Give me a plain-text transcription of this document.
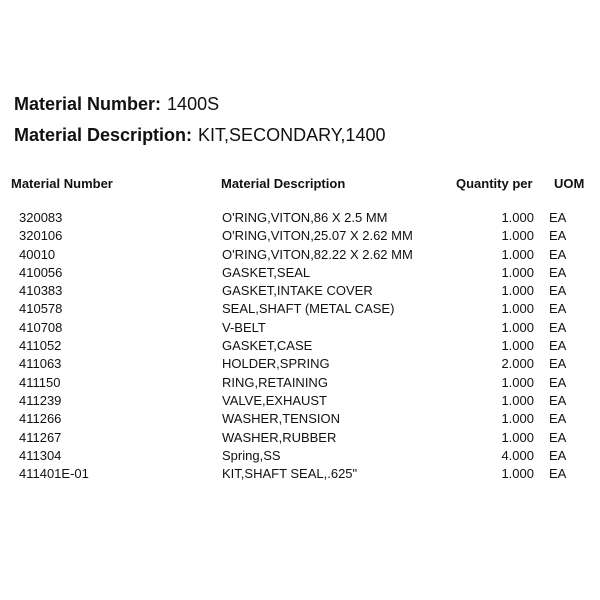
Material Number: 1400S
Material Description: KIT,SECONDARY,1400
Material Number	Material Description	Quantity per UOM
320083	O'RING,VITON,86 X 2.5 MM	1.000 EA
320106	O'RING,VITON,25.07 X 2.62 MM	1.000 EA
40010	O'RING,VITON,82.22 X 2.62 MM	1.000 EA
410056	GASKET,SEAL	1.000 EA
410383	GASKET,INTAKE COVER	1.000 EA
410578	SEAL,SHAFT (METAL CASE)	1.000 EA
410708	V-BELT	1.000 EA
411052	GASKET,CASE	1.000 EA
411063	HOLDER,SPRING	2.000 EA
411150	RING,RETAINING	1.000 EA
411239	VALVE,EXHAUST	1.000 EA
411266	WASHER,TENSION	1.000 EA
411267	WASHER,RUBBER	1.000 EA
411304	Spring,SS	4.000 EA
411401E-01	KIT,SHAFT SEAL,.625"	1.000 EA
